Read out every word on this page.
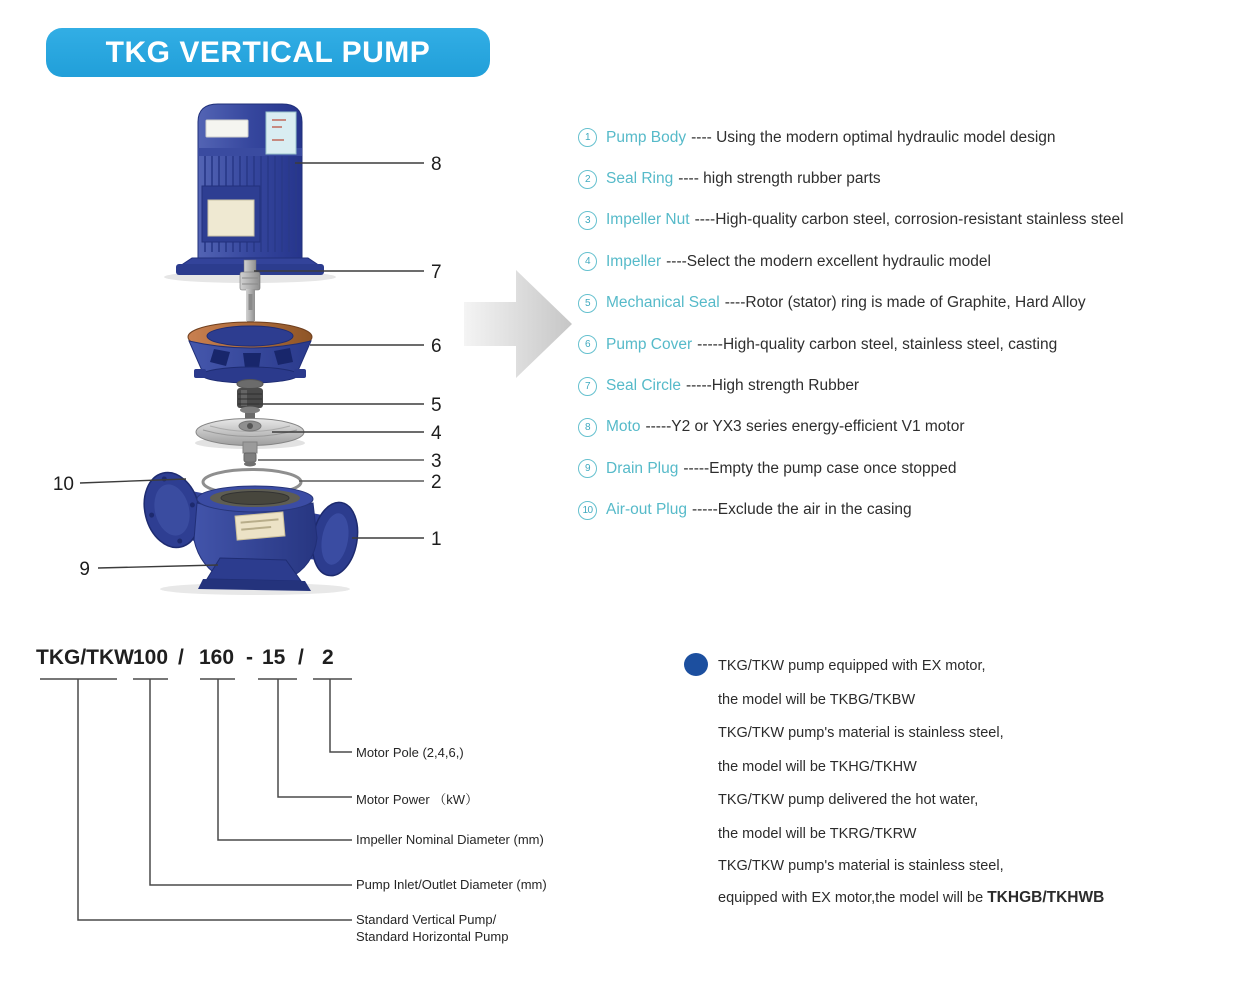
TKG VERTICAL PUMP
8
7
6
5
4
3
2
1
10
9
1	Pump Body ---- Using the modern optimal hydraulic model design
2	Seal Ring ---- high strength rubber parts
3	Impeller Nut ----High-quality carbon steel, corrosion-resistant stainless steel
4	Impeller ----Select the modern excellent hydraulic model
5	Mechanical Seal ----Rotor (stator) ring is made of Graphite, Hard Alloy
6	Pump Cover -----High-quality carbon steel, stainless steel, casting
7	Seal Circle -----High strength Rubber
8	Moto -----Y2 or YX3 series energy-efficient V1 motor
9	Drain Plug -----Empty the pump case once stopped
10 Air-out Plug -----Exclude the air in the casing
TKG/TKW 100 / 160 - 15 / 2
Motor Pole (2,4,6,)
Motor Power （kW）
Impeller Nominal Diameter (mm)
Pump Inlet/Outlet Diameter (mm)
Standard Vertical Pump/
Standard Horizontal Pump
TKG/TKW pump equipped with EX motor,
the model will be TKBG/TKBW
TKG/TKW pump's material is stainless steel,
the model will be TKHG/TKHW
TKG/TKW pump delivered the hot water,
the model will be TKRG/TKRW
TKG/TKW pump's material is stainless steel,
equipped with EX motor,the model will be TKHGB/TKHWB
